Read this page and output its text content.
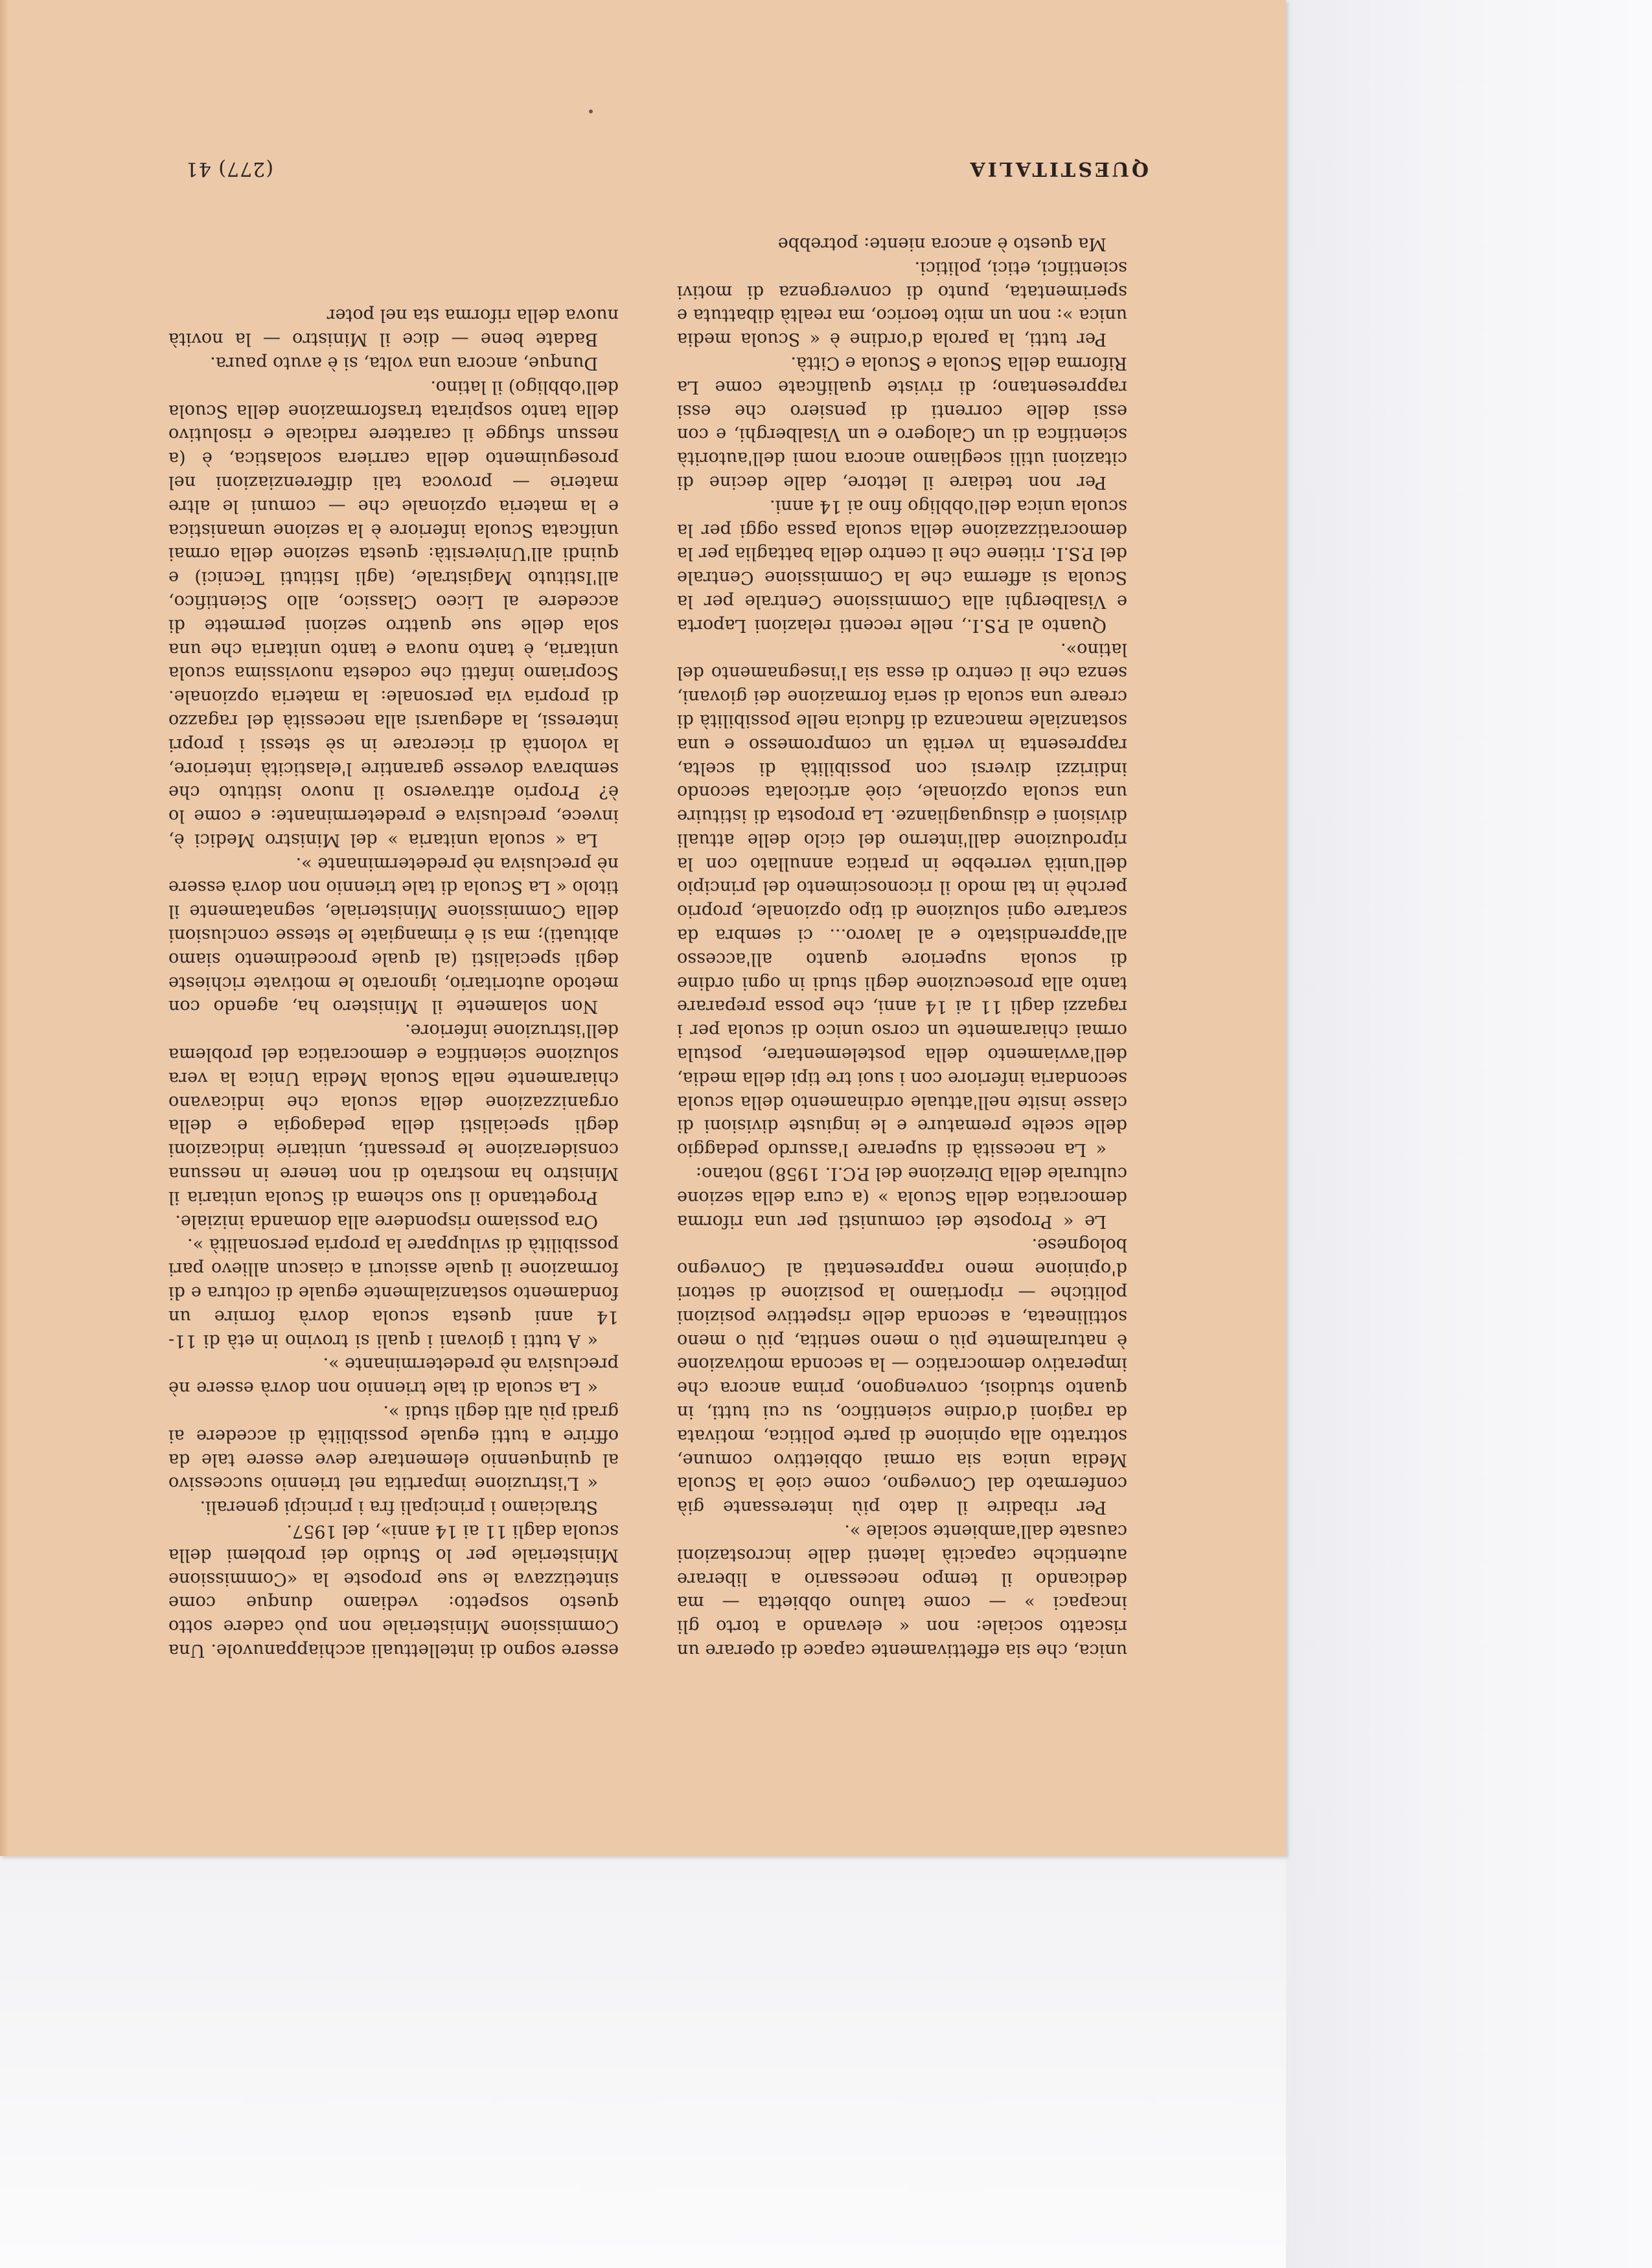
QUESTITALIA
(277) 41

unica, che sia effettivamente capace di operare un riscatto sociale: non « elevando a torto gli incapaci » — come taluno obbietta — ma dedicando il tempo necessario a liberare autentiche capacità latenti dalle incrostazioni causate dall'ambiente sociale ».

Per ribadire il dato più interessante già confermato dal Convegno, come cioè la Scuola Media unica sia ormai obbiettivo comune, sottratto alla opinione di parte politica, motivata da ragioni d'ordine scientifico, su cui tutti, in quanto studiosi, convengono, prima ancora che imperativo democratico — la seconda motivazione è naturalmente più o meno sentita, più o meno sottilineata, a seconda delle rispettive posizioni politiche — riportiamo la posizione di settori d'opinione meno rappresentati al Convegno bolognese.

Le « Proposte dei comunisti per una riforma democratica della Scuola » (a cura della sezione culturale della Direzione del P.C.I. 1958) notano:

« La necessità di superare l'assurdo pedaggio delle scelte premature e le ingiuste divisioni di classe insite nell'attuale ordinamento della scuola secondaria inferiore con i suoi tre tipi della media, dell'avviamento della postelementare, postula ormai chiaramente un corso unico di scuola per i ragazzi dagli 11 ai 14 anni, che possa preparare tanto alla prosecuzione degli studi in ogni ordine di scuola superiore quanto all'accesso all'apprendistato e al lavoro... ci sembra da scartare ogni soluzione di tipo opzionale, proprio perchè in tal modo il riconoscimento del principio dell'unità verrebbe in pratica annullato con la riproduzione dall'interno del ciclo delle attuali divisioni e disuguaglianze. La proposta di istituire una scuola opzionale, cioè articolata secondo indirizzi diversi con possibilità di scelta, rappresenta in verità un compromesso e una sostanziale mancanza di fiducia nelle possibilità di creare una scuola di seria formazione dei giovani, senza che il centro di essa sia l'insegnamento del latino».

Quanto al P.S.I., nelle recenti relazioni Laporta e Visalberghi alla Commissione Centrale per la Scuola si afferma che la Commissione Centrale del P.S.I. ritiene che il centro della battaglia per la democratizzazione della scuola passa oggi per la scuola unica dell'obbligo fino ai 14 anni.

Per non tediare il lettore, dalle decine di citazioni utili scegliamo ancora nomi dell'autorità scientifica di un Calogero e un Visalberghi, e con essi delle correnti di pensiero che essi rappresentano; di riviste qualificate come La Riforma della Scuola e Scuola e Città.

Per tutti, la parola d'ordine è « Scuola media unica »: non un mito teorico, ma realtà dibattuta e sperimentata, punto di convergenza di motivi scientifici, etici, politici.

Ma questo è ancora niente: potrebbe

essere sogno di intellettuali acchiappanuvole. Una Commissione Ministeriale non può cadere sotto questo sospetto: vediamo dunque come sintetizzava le sue proposte la «Commissione Ministeriale per lo Studio dei problemi della scuola dagli 11 ai 14 anni», del 1957.

Stralciamo i principali fra i principi generali.

« L'istruzione impartita nel triennio successivo al quinquennio elementare deve essere tale da offrire a tutti eguale possibilità di accedere ai gradi più alti degli studi ».

« La scuola di tale triennio non dovrà essere nè preclusiva nè predeterminante ».

« A tutti i giovani i quali si trovino in età di 11-14 anni questa scuola dovrà fornire un fondamento sostanzialmente eguale di coltura e di formazione il quale assicuri a ciascun allievo pari possibilità di sviluppare la propria personalità ».

Ora possiamo rispondere alla domanda iniziale.

Progettando il suo schema di Scuola unitaria il Ministro ha mostrato di non tenere in nessuna considerazione le pressanti, unitarie indicazioni degli specialisti della pedagogia e della organizzazione della scuola che indicavano chiaramente nella Scuola Media Unica la vera soluzione scientifica e democratica del problema dell'istruzione inferiore.

Non solamente il Ministero ha, agendo con metodo autoritario, ignorato le motivate richieste degli specialisti (al quale procedimento siamo abituati); ma si è rimangiate le stesse conclusioni della Commissione Ministeriale, segnatamente il titolo « La Scuola di tale triennio non dovrà essere nè preclusiva nè predeterminante ».

La « scuola unitaria » del Ministro Medici è, invece, preclusiva e predeterminante: e come lo è? Proprio attraverso il nuovo istituto che sembrava dovesse garantire l'elasticità interiore, la volontà di ricercare in sè stessi i propri interessi, la adeguarsi alla necessità del ragazzo di propria via personale: la materia opzionale. Scopriamo infatti che codesta nuovissima scuola unitaria, è tanto nuova e tanto unitaria che una sola delle sue quattro sezioni permette di accedere al Liceo Classico, allo Scientifico, all'Istituto Magistrale, (agli Istituti Tecnici) e quindi all'Università: questa sezione della ormai unificata Scuola inferiore è la sezione umanistica e la materia opzionale che — comuni le altre materie — provoca tali differenziazioni nel proseguimento della carriera scolastica, è (a nessun sfugge il carattere radicale e risolutivo della tanto sospirata trasformazione della Scuola dell'obbligo) il latino.

Dunque, ancora una volta, si è avuto paura.

Badate bene — dice il Ministro — la novità nuova della riforma sta nel poter
